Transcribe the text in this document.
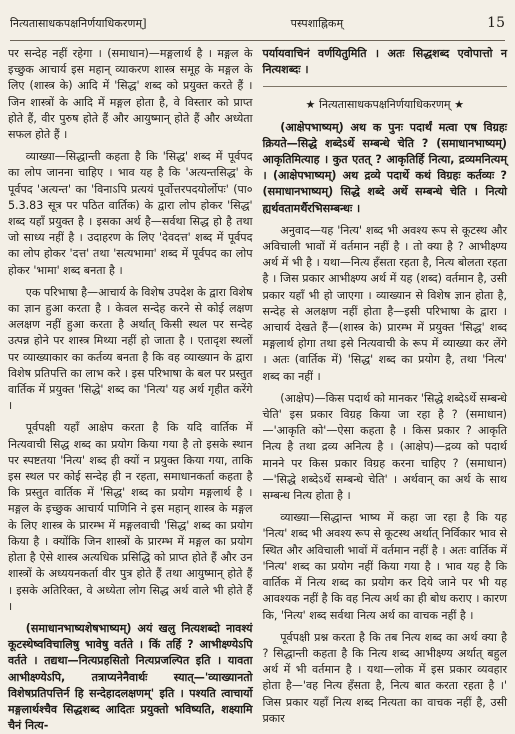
नित्यतासाधकपक्षनिर्णयाधिकरणम्]	पस्पशाह्निकम्	15

पर सन्देह नहीं रहेगा । (समाधान)—मङ्गलार्थ है । मङ्गल के इच्छुक आचार्य इस महान् व्याकरण शास्त्र समूह के मङ्गल के लिए (शास्त्र के) आदि में 'सिद्ध' शब्द को प्रयुक्त करते हैं । जिन शास्त्रों के आदि में मङ्गल होता है, वे विस्तार को प्राप्त होते हैं, वीर पुरुष होते हैं और आयुष्मान् होते हैं और अध्येता सफल होते हैं ।

व्याख्या—सिद्धान्ती कहता है कि 'सिद्ध' शब्द में पूर्वपद का लोप जानना चाहिए । भाव यह है कि 'अत्यन्तसिद्ध' के पूर्वपद 'अत्यन्त' का 'विनाऽपि प्रत्ययं पूर्वोत्तरपदयोर्लोपः' (पा० 5.3.83 सूत्र पर पठित वार्तिक) के द्वारा लोप होकर 'सिद्ध' शब्द यहाँ प्रयुक्त है । इसका अर्थ है—सर्वथा सिद्ध हो है तथा जो साध्य नहीं है । उदाहरण के लिए 'देवदत्त' शब्द में पूर्वपद का लोप होकर 'दत्त' तथा 'सत्यभामा' शब्द में पूर्वपद का लोप होकर 'भामा' शब्द बनता है ।

एक परिभाषा है—आचार्य के विशेष उपदेश के द्वारा विशेष का ज्ञान हुआ करता है । केवल सन्देह करने से कोई लक्षण अलक्षण नहीं हुआ करता है अर्थात् किसी स्थल पर सन्देह उत्पन्न होने पर शास्त्र मिथ्या नहीं हो जाता है । एतादृश स्थलों पर व्याख्याकार का कर्तव्य बनता है कि वह व्याख्यान के द्वारा विशेष प्रतिपत्ति का लाभ करे । इस परिभाषा के बल पर प्रस्तुत वार्तिक में प्रयुक्त 'सिद्धे' शब्द का 'नित्य' यह अर्थ गृहीत करेंगे ।

पूर्वपक्षी यहाँ आक्षेप करता है कि यदि वार्तिक में नित्यवाची सिद्ध शब्द का प्रयोग किया गया है तो इसके स्थान पर स्पष्टतया 'नित्य' शब्द ही क्यों न प्रयुक्त किया गया, ताकि इस स्थल पर कोई सन्देह ही न रहता, समाधानकर्ता कहता है कि प्रस्तुत वार्तिक में 'सिद्ध' शब्द का प्रयोग मङ्गलार्थ है । मङ्गल के इच्छुक आचार्य पाणिनि ने इस महान् शास्त्र के मङ्गल के लिए शास्त्र के प्रारम्भ में मङ्गलवाची 'सिद्ध' शब्द का प्रयोग किया है । क्योंकि जिन शास्त्रों के प्रारम्भ में मङ्गल का प्रयोग होता है ऐसे शास्त्र अत्यधिक प्रसिद्धि को प्राप्त होते हैं और उन शास्त्रों के अध्ययनकर्ता वीर पुत्र होते हैं तथा आयुष्मान् होते हैं । इसके अतिरिक्त, वे अध्येता लोग सिद्ध अर्थ वाले भी होते हैं ।

(समाधानभाष्यशेषभाष्यम्) अयं खलु नित्यशब्दो नावश्यं कूटस्थेष्वविचालिषु भावेषु वर्तते । किं तर्हि ? आभीक्ष्ण्येऽपि वर्तते । तद्यथा—नित्यप्रहसितो नित्यप्रजल्पित इति । यावता आभीक्ष्ण्येऽपि, तत्राप्यनेनैवार्थः स्यात्—'व्याख्यानतो विशेषप्रतिपत्तिर्न हि सन्देहादलक्षणम्' इति । पश्यति त्वाचार्यो मङ्गलार्थश्चैव सिद्धशब्द आदितः प्रयुक्तो भविष्यति, शक्ष्यामि चैनं नित्य-

पर्यायवाचिनं वर्णयितुमिति । अतः सिद्धशब्द एवोपात्तो न नित्यशब्दः ।

★ नित्यतासाधकपक्षनिर्णयाधिकरणम् ★

(आक्षेपभाष्यम्) अथ क पुनः पदार्थं मत्वा एष विग्रहः क्रियते—सिद्धे शब्देऽर्थे सम्बन्धे चेति ? (समाधानभाष्यम्) आकृतिमित्याह । कुत एतत् ? आकृतिर्हि नित्या, द्रव्यमनित्यम् । (आक्षेपभाष्यम्) अथ द्रव्ये पदार्थे कथं विग्रहः कर्तव्यः ? (समाधानभाष्यम्) सिद्धे शब्दे अर्थे सम्बन्धे चेति । नित्यो ह्यर्थवतामर्थैरभिसम्बन्धः ।

अनुवाद—यह 'नित्य' शब्द भी अवश्य रूप से कूटस्थ और अविचाली भावों में वर्तमान नहीं है । तो क्या है ? आभीक्ष्ण्य अर्थ में भी है । यथा—नित्य हँसता रहता है, नित्य बोलता रहता है । जिस प्रकार आभीक्ष्ण्य अर्थ में यह (शब्द) वर्तमान है, उसी प्रकार यहाँ भी हो जाएगा । व्याख्यान से विशेष ज्ञान होता है, सन्देह से अलक्षण नहीं होता है—इसी परिभाषा के द्वारा । आचार्य देखते हैं—(शास्त्र के) प्रारम्भ में प्रयुक्त 'सिद्ध' शब्द मङ्गलार्थ होगा तथा इसे नित्यवाची के रूप में व्याख्या कर लेंगे । अतः (वार्तिक में) 'सिद्ध' शब्द का प्रयोग है, तथा 'नित्य' शब्द का नहीं ।

(आक्षेप)—किस पदार्थ को मानकर 'सिद्धे शब्देऽर्थे सम्बन्धे चेति' इस प्रकार विग्रह किया जा रहा है ? (समाधान)—'आकृति को'—ऐसा कहता है । किस प्रकार ? आकृति नित्य है तथा द्रव्य अनित्य है । (आक्षेप)—द्रव्य को पदार्थ मानने पर किस प्रकार विग्रह करना चाहिए ? (समाधान)—'सिद्धे शब्देऽर्थे सम्बन्धे चेति' । अर्थवान् का अर्थ के साथ सम्बन्ध नित्य होता है ।

व्याख्या—सिद्धान्त भाष्य में कहा जा रहा है कि यह 'नित्य' शब्द भी अवश्य रूप से कूटस्थ अर्थात् निर्विकार भाव से स्थित और अविचाली भावों में वर्तमान नहीं है । अतः वार्तिक में 'नित्य' शब्द का प्रयोग नहीं किया गया है । भाव यह है कि वार्तिक में नित्य शब्द का प्रयोग कर दिये जाने पर भी यह आवश्यक नहीं है कि वह नित्य अर्थ का ही बोध कराए । कारण कि, 'नित्य' शब्द सर्वथा नित्य अर्थ का वाचक नहीं है ।

पूर्वपक्षी प्रश्न करता है कि तब नित्य शब्द का अर्थ क्या है ? सिद्धान्ती कहता है कि नित्य शब्द आभीक्ष्ण्य अर्थात् बहुल अर्थ में भी वर्तमान है । यथा—लोक में इस प्रकार व्यवहार होता है—'वह नित्य हँसता है, नित्य बात करता रहता है ।' जिस प्रकार यहाँ नित्य शब्द नित्यता का वाचक नहीं है, उसी प्रकार
